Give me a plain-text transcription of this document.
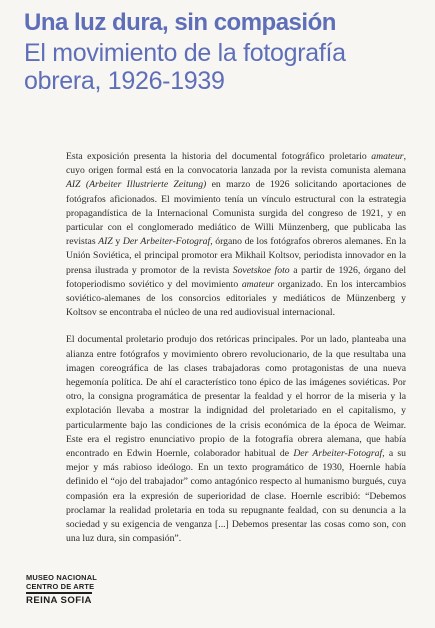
Una luz dura, sin compasión
El movimiento de la fotografía
obrera, 1926-1939

Esta exposición presenta la historia del documental fotográfico proletario amateur, cuyo origen formal está en la convocatoria lanzada por la revista comunista alemana AIZ (Arbeiter Illustrierte Zeitung) en marzo de 1926 solicitando aportaciones de fotógrafos aficionados. El movimiento tenía un vínculo estructural con la estrategia propagandística de la Internacional Comunista surgida del congreso de 1921, y en particular con el conglomerado mediático de Willi Münzenberg, que publicaba las revistas AIZ y Der Arbeiter-Fotograf, órgano de los fotógrafos obreros alemanes. En la Unión Soviética, el principal promotor era Mikhail Koltsov, periodista innovador en la prensa ilustrada y promotor de la revista Sovetskoe foto a partir de 1926, órgano del fotoperiodismo soviético y del movimiento amateur organizado. En los intercambios soviético-alemanes de los consorcios editoriales y mediáticos de Münzenberg y Koltsov se encontraba el núcleo de una red audiovisual internacional.

El documental proletario produjo dos retóricas principales. Por un lado, planteaba una alianza entre fotógrafos y movimiento obrero revolucionario, de la que resultaba una imagen coreográfica de las clases trabajadoras como protagonistas de una nueva hegemonía política. De ahí el característico tono épico de las imágenes soviéticas. Por otro, la consigna programática de presentar la fealdad y el horror de la miseria y la explotación llevaba a mostrar la indignidad del proletariado en el capitalismo, y particularmente bajo las condiciones de la crisis económica de la época de Weimar. Este era el registro enunciativo propio de la fotografía obrera alemana, que había encontrado en Edwin Hoernle, colaborador habitual de Der Arbeiter-Fotograf, a su mejor y más rabioso ideólogo. En un texto programático de 1930, Hoernle había definido el “ojo del trabajador” como antagónico respecto al humanismo burgués, cuya compasión era la expresión de superioridad de clase. Hoernle escribió: “Debemos proclamar la realidad proletaria en toda su repugnante fealdad, con su denuncia a la sociedad y su exigencia de venganza [...] Debemos presentar las cosas como son, con una luz dura, sin compasión”.

MUSEO NACIONAL
CENTRO DE ARTE
REINA SOFIA
